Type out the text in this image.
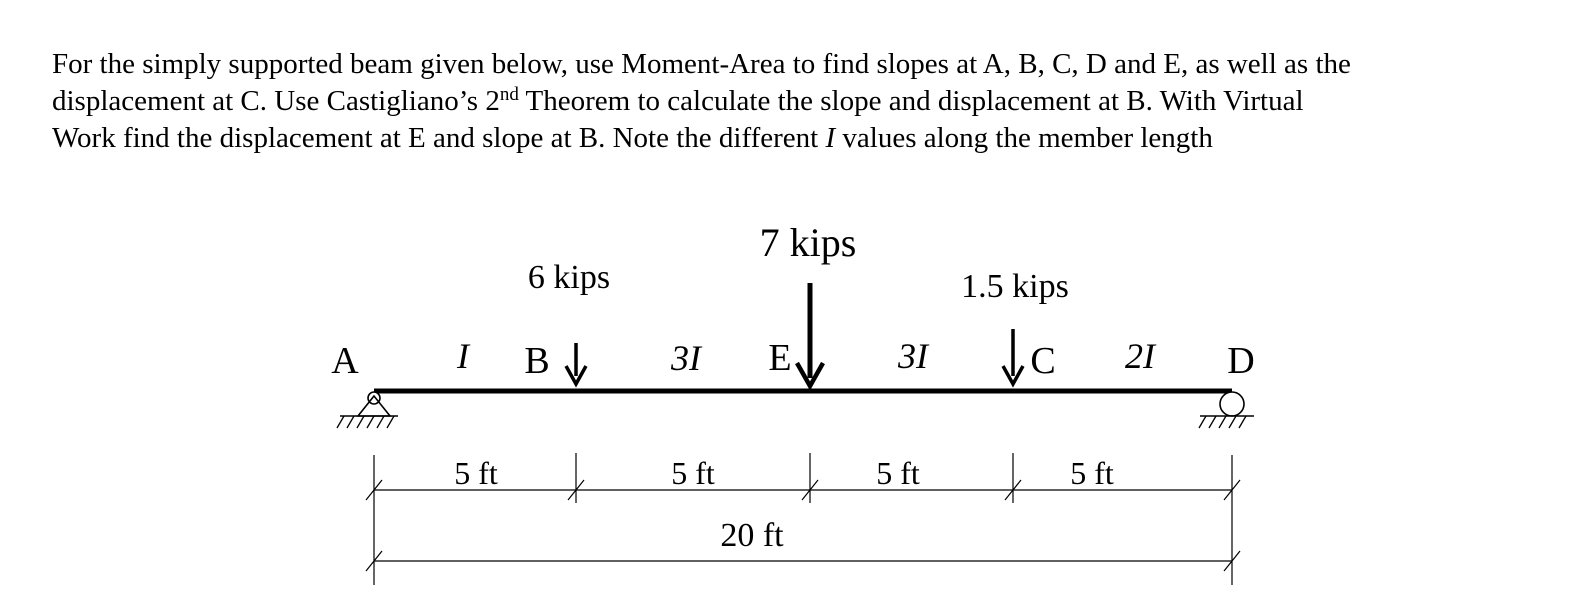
For the simply supported beam given below, use Moment-Area to find slopes at A, B, C, D and E, as well as the
displacement at C. Use Castigliano’s 2nd Theorem to calculate the slope and displacement at B. With Virtual
Work find the displacement at E and slope at B. Note the different I values along the member length
6 kips
7 kips
1.5 kips
A	B	E	C	D
I	3I	3I	2I
5 ft	5 ft	5 ft	5 ft
20 ft
